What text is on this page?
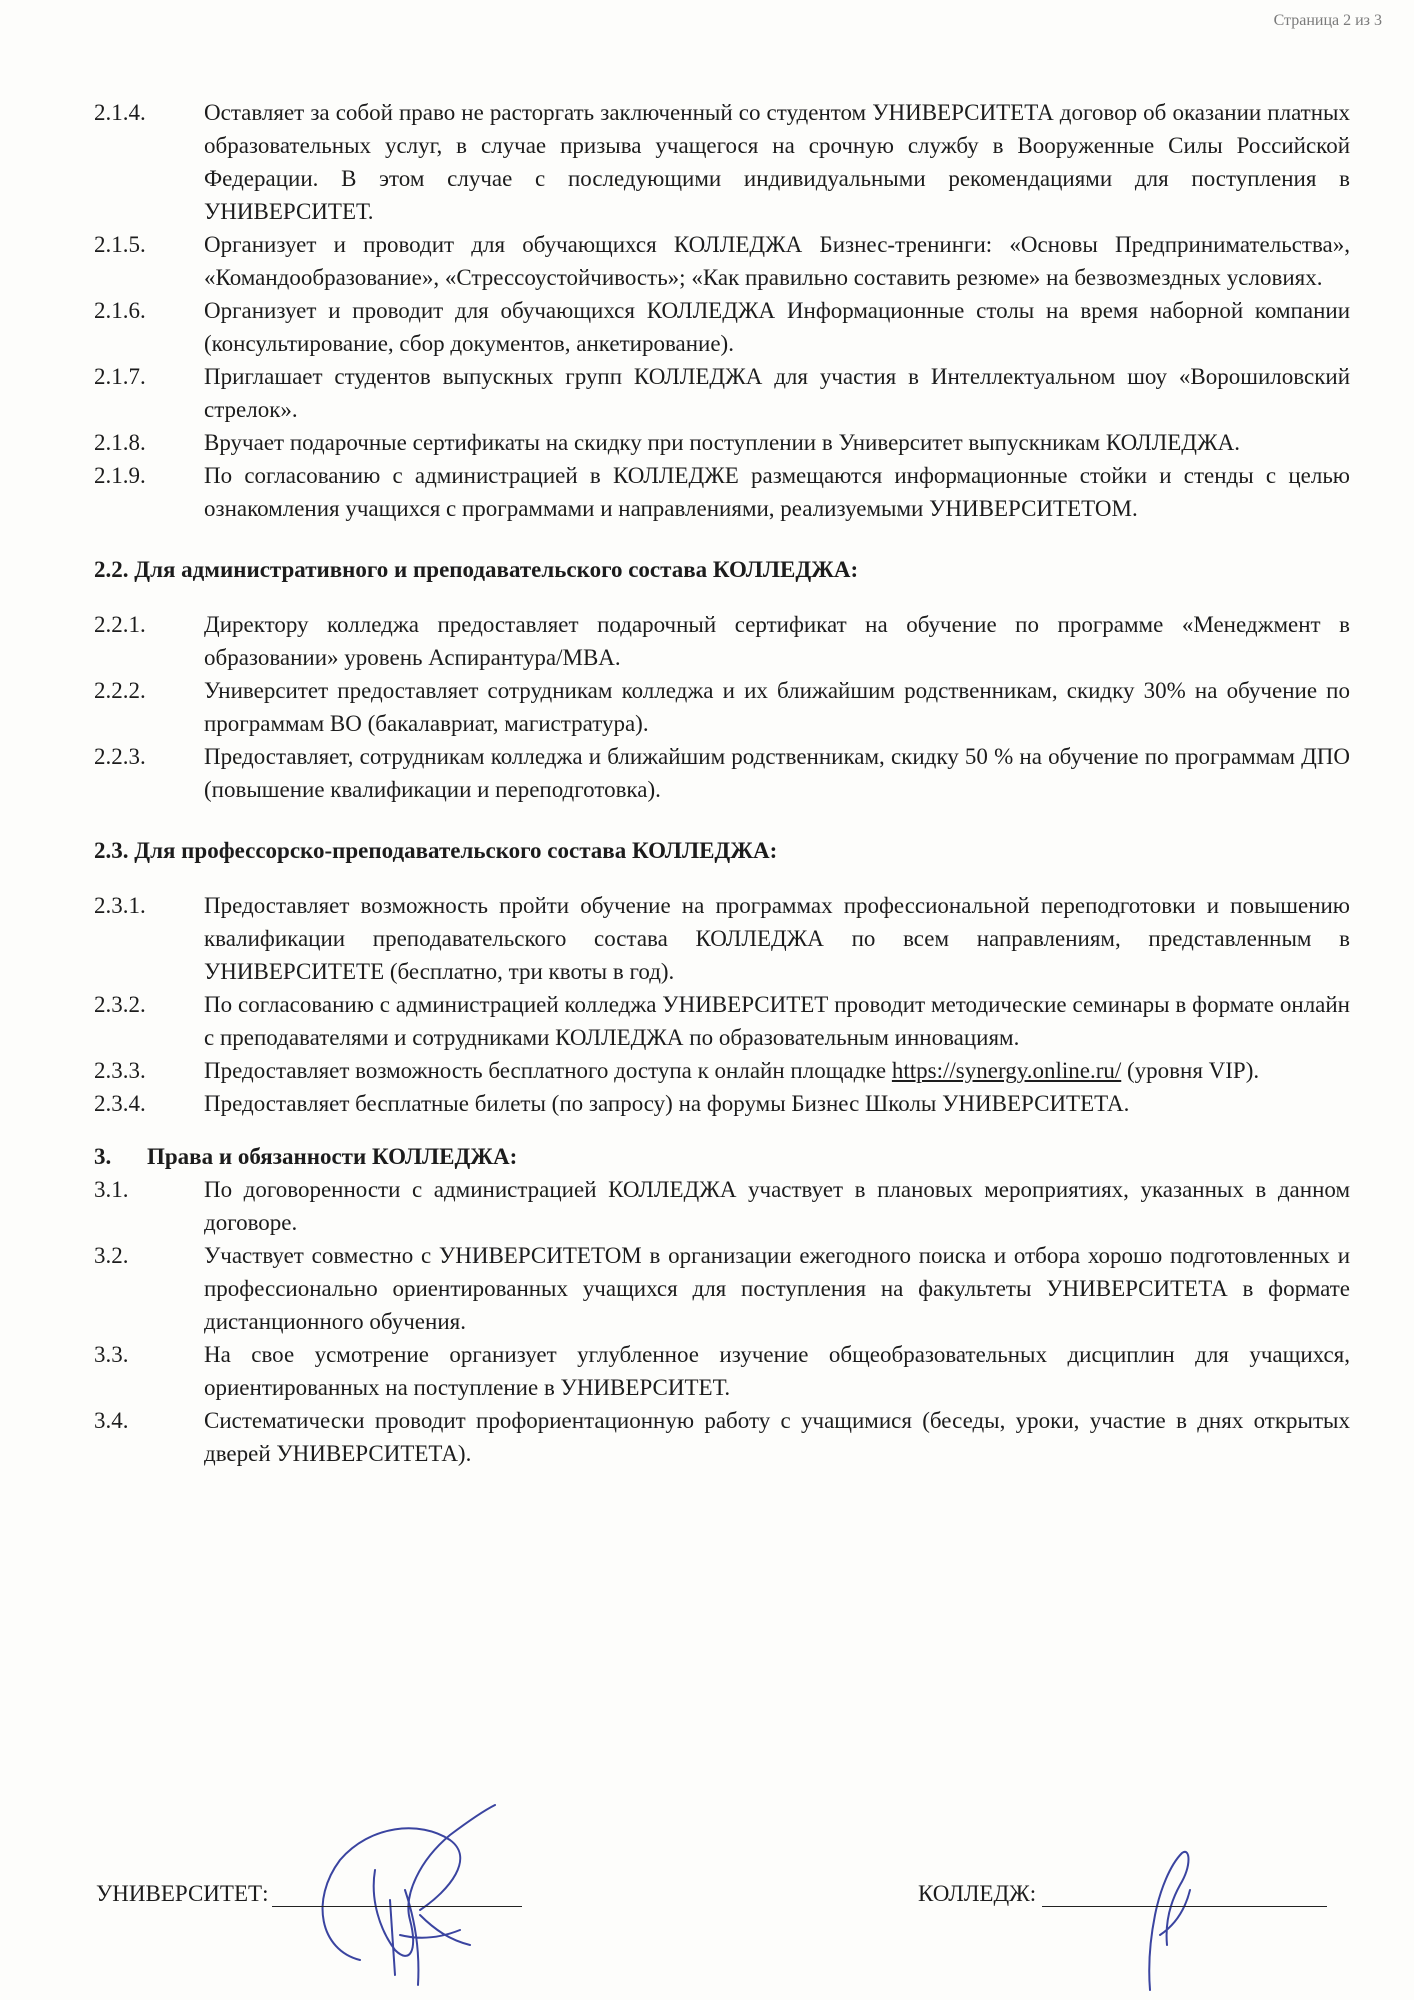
Страница 2 из 3
2.1.4.	Оставляет за собой право не расторгать заключенный со студентом УНИВЕРСИТЕТА договор об оказании платных образовательных услуг, в случае призыва учащегося на срочную службу в Вооруженные Силы Российской Федерации. В этом случае с последующими индивидуальными рекомендациями для поступления в УНИВЕРСИТЕТ.
2.1.5.	Организует и проводит для обучающихся КОЛЛЕДЖА Бизнес-тренинги: «Основы Предпринимательства», «Командообразование», «Стрессоустойчивость»; «Как правильно составить резюме» на безвозмездных условиях.
2.1.6.	Организует и проводит для обучающихся КОЛЛЕДЖА Информационные столы на время наборной компании (консультирование, сбор документов, анкетирование).
2.1.7.	Приглашает студентов выпускных групп КОЛЛЕДЖА для участия в Интеллектуальном шоу «Ворошиловский стрелок».
2.1.8.	Вручает подарочные сертификаты на скидку при поступлении в Университет выпускникам КОЛЛЕДЖА.
2.1.9.	По согласованию с администрацией в КОЛЛЕДЖЕ размещаются информационные стойки и стенды с целью ознакомления учащихся с программами и направлениями, реализуемыми УНИВЕРСИТЕТОМ.
2.2. Для административного и преподавательского состава КОЛЛЕДЖА:
2.2.1.	Директору колледжа предоставляет подарочный сертификат на обучение по программе «Менеджмент в образовании» уровень Аспирантура/MBA.
2.2.2.	Университет предоставляет сотрудникам колледжа и их ближайшим родственникам, скидку 30% на обучение по программам ВО (бакалавриат, магистратура).
2.2.3.	Предоставляет, сотрудникам колледжа и ближайшим родственникам, скидку 50 % на обучение по программам ДПО (повышение квалификации и переподготовка).
2.3. Для профессорско-преподавательского состава КОЛЛЕДЖА:
2.3.1.	Предоставляет возможность пройти обучение на программах профессиональной переподготовки и повышению квалификации преподавательского состава КОЛЛЕДЖА по всем направлениям, представленным в УНИВЕРСИТЕТЕ (бесплатно, три квоты в год).
2.3.2.	По согласованию с администрацией колледжа УНИВЕРСИТЕТ проводит методические семинары в формате онлайн с преподавателями и сотрудниками КОЛЛЕДЖА по образовательным инновациям.
2.3.3.	Предоставляет возможность бесплатного доступа к онлайн площадке https://synergy.online.ru/ (уровня VIP).
2.3.4.	Предоставляет бесплатные билеты (по запросу) на форумы Бизнес Школы УНИВЕРСИТЕТА.
3.	Права и обязанности КОЛЛЕДЖА:
3.1.	По договоренности с администрацией КОЛЛЕДЖА участвует в плановых мероприятиях, указанных в данном договоре.
3.2.	Участвует совместно с УНИВЕРСИТЕТОМ в организации ежегодного поиска и отбора хорошо подготовленных и профессионально ориентированных учащихся для поступления на факультеты УНИВЕРСИТЕТА в формате дистанционного обучения.
3.3.	На свое усмотрение организует углубленное изучение общеобразовательных дисциплин для учащихся, ориентированных на поступление в УНИВЕРСИТЕТ.
3.4.	Систематически проводит профориентационную работу с учащимися (беседы, уроки, участие в днях открытых дверей УНИВЕРСИТЕТА).
УНИВЕРСИТЕТ:	КОЛЛЕДЖ:
